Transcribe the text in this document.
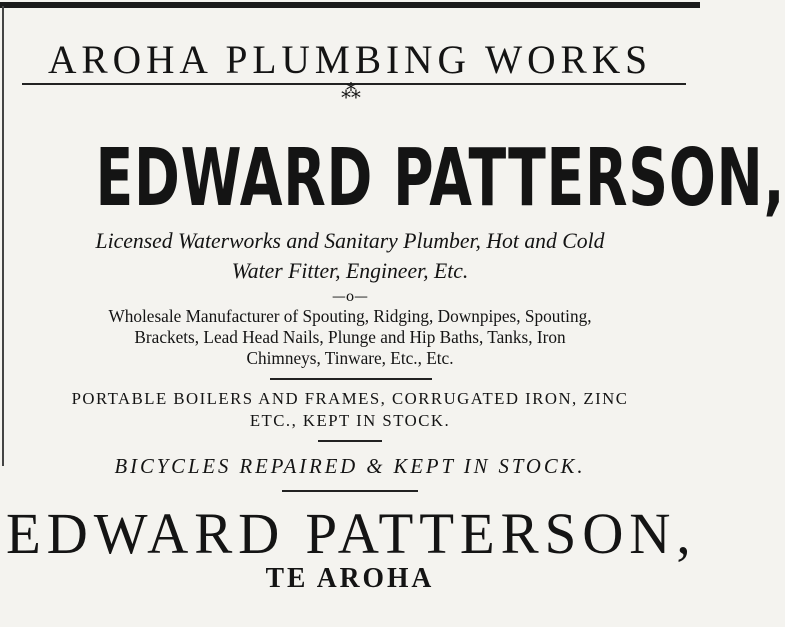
AROHA PLUMBING WORKS
⁂
EDWARD PATTERSON,
Licensed Waterworks and Sanitary Plumber, Hot and Cold
Water Fitter, Engineer, Etc.
—o—
Wholesale Manufacturer of Spouting, Ridging, Downpipes, Spouting,
Brackets, Lead Head Nails, Plunge and Hip Baths, Tanks, Iron
Chimneys, Tinware, Etc., Etc.
PORTABLE BOILERS AND FRAMES, CORRUGATED IRON, ZINC
ETC., KEPT IN STOCK.
BICYCLES REPAIRED & KEPT IN STOCK.
EDWARD PATTERSON,
TE AROHA
